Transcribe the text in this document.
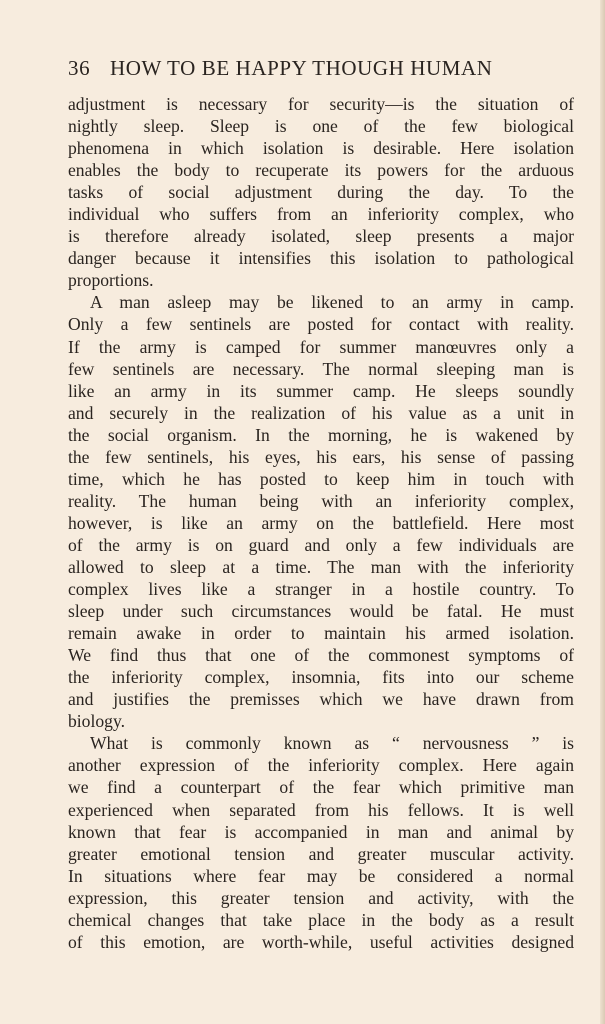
36 HOW TO BE HAPPY THOUGH HUMAN
adjustment is necessary for security—is the situation of
nightly sleep. Sleep is one of the few biological
phenomena in which isolation is desirable. Here isolation
enables the body to recuperate its powers for the arduous
tasks of social adjustment during the day. To the
individual who suffers from an inferiority complex, who
is therefore already isolated, sleep presents a major
danger because it intensifies this isolation to pathological
proportions.
A man asleep may be likened to an army in camp.
Only a few sentinels are posted for contact with reality.
If the army is camped for summer manœuvres only a
few sentinels are necessary. The normal sleeping man is
like an army in its summer camp. He sleeps soundly
and securely in the realization of his value as a unit in
the social organism. In the morning, he is wakened by
the few sentinels, his eyes, his ears, his sense of passing
time, which he has posted to keep him in touch with
reality. The human being with an inferiority complex,
however, is like an army on the battlefield. Here most
of the army is on guard and only a few individuals are
allowed to sleep at a time. The man with the inferiority
complex lives like a stranger in a hostile country. To
sleep under such circumstances would be fatal. He must
remain awake in order to maintain his armed isolation.
We find thus that one of the commonest symptoms of
the inferiority complex, insomnia, fits into our scheme
and justifies the premisses which we have drawn from
biology.
What is commonly known as “ nervousness ” is
another expression of the inferiority complex. Here again
we find a counterpart of the fear which primitive man
experienced when separated from his fellows. It is well
known that fear is accompanied in man and animal by
greater emotional tension and greater muscular activity.
In situations where fear may be considered a normal
expression, this greater tension and activity, with the
chemical changes that take place in the body as a result
of this emotion, are worth-while, useful activities designed
